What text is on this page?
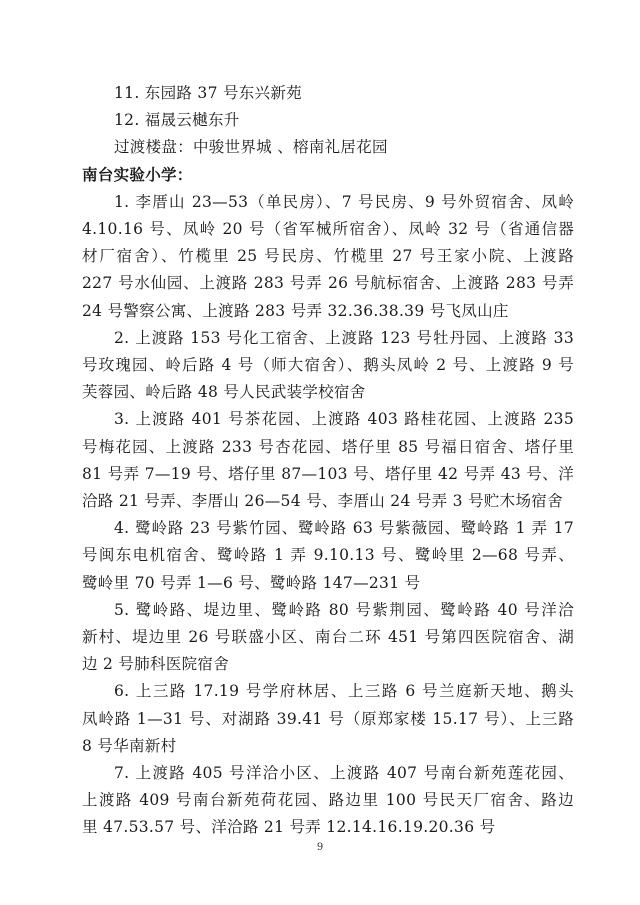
11. 东园路 37 号东兴新苑
12. 福晟云樾东升
过渡楼盘：中骏世界城 、榕南礼居花园
南台实验小学：
1. 李厝山 23—53（单民房）、7 号民房、9 号外贸宿舍、凤岭
4.10.16 号、凤岭 20 号（省军械所宿舍）、凤岭 32 号（省通信器
材厂宿舍）、竹榄里 25 号民房、竹榄里 27 号王家小院、上渡路
227 号水仙园、上渡路 283 号弄 26 号航标宿舍、上渡路 283 号弄
24 号警察公寓、上渡路 283 号弄 32.36.38.39 号飞凤山庄
2. 上渡路 153 号化工宿舍、上渡路 123 号牡丹园、上渡路 33
号玫瑰园、岭后路 4 号（师大宿舍）、鹅头凤岭 2 号、上渡路 9 号
芙蓉园、岭后路 48 号人民武装学校宿舍
3. 上渡路 401 号茶花园、上渡路 403 路桂花园、上渡路 235
号梅花园、上渡路 233 号杏花园、塔仔里 85 号福日宿舍、塔仔里
81 号弄 7—19 号、塔仔里 87—103 号、塔仔里 42 号弄 43 号、洋
洽路 21 号弄、李厝山 26—54 号、李厝山 24 号弄 3 号贮木场宿舍
4. 鹭岭路 23 号紫竹园、鹭岭路 63 号紫薇园、鹭岭路 1 弄 17
号闽东电机宿舍、鹭岭路 1 弄 9.10.13 号、鹭岭里 2—68 号弄、
鹭岭里 70 号弄 1—6 号、鹭岭路 147—231 号
5. 鹭岭路、堤边里、鹭岭路 80 号紫荆园、鹭岭路 40 号洋洽
新村、堤边里 26 号联盛小区、南台二环 451 号第四医院宿舍、湖
边 2 号肺科医院宿舍
6. 上三路 17.19 号学府林居、上三路 6 号兰庭新天地、鹅头
凤岭路 1—31 号、对湖路 39.41 号（原郑家楼 15.17 号）、上三路
8 号华南新村
7. 上渡路 405 号洋洽小区、上渡路 407 号南台新苑莲花园、
上渡路 409 号南台新苑荷花园、路边里 100 号民天厂宿舍、路边
里 47.53.57 号、洋洽路 21 号弄 12.14.16.19.20.36 号
9
